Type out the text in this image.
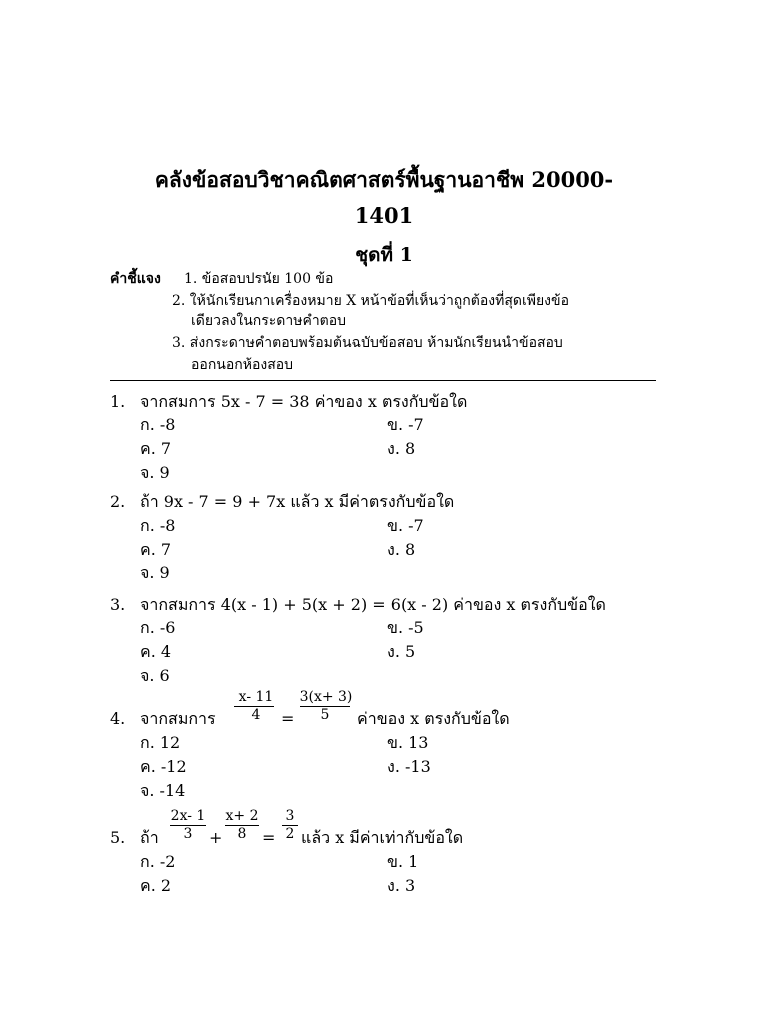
คลังข้อสอบวิชาคณิตศาสตร์พื้นฐานอาชีพ 20000-
1401
ชุดที่ 1
คำชี้แจง 1. ข้อสอบปรนัย 100 ข้อ
2. ให้นักเรียนกาเครื่องหมาย X หน้าข้อที่เห็นว่าถูกต้องที่สุดเพียงข้อ
เดียวลงในกระดาษคำตอบ
3. ส่งกระดาษคำตอบพร้อมต้นฉบับข้อสอบ ห้ามนักเรียนนำข้อสอบ
ออกนอกห้องสอบ
1. จากสมการ 5x - 7 = 38 ค่าของ x ตรงกับข้อใด
ก. -8	ข. -7
ค. 7	ง. 8
จ. 9
2. ถ้า 9x - 7 = 9 + 7x แล้ว x มีค่าตรงกับข้อใด
ก. -8	ข. -7
ค. 7	ง. 8
จ. 9
3. จากสมการ 4(x - 1) + 5(x + 2) = 6(x - 2) ค่าของ x ตรงกับข้อใด
ก. -6	ข. -5
ค. 4	ง. 5
จ. 6
4. จากสมการ
x- 11
4	=
3(x+ 3)
5	ค่าของ x ตรงกับข้อใด
ก. 12	ข. 13
ค. -12	ง. -13
จ. -14
5. ถ้า
2x- 1
3	+
x+ 2
8 =
3
2 แล้ว x มีค่าเท่ากับข้อใด
ก. -2	ข. 1
ค. 2	ง. 3
